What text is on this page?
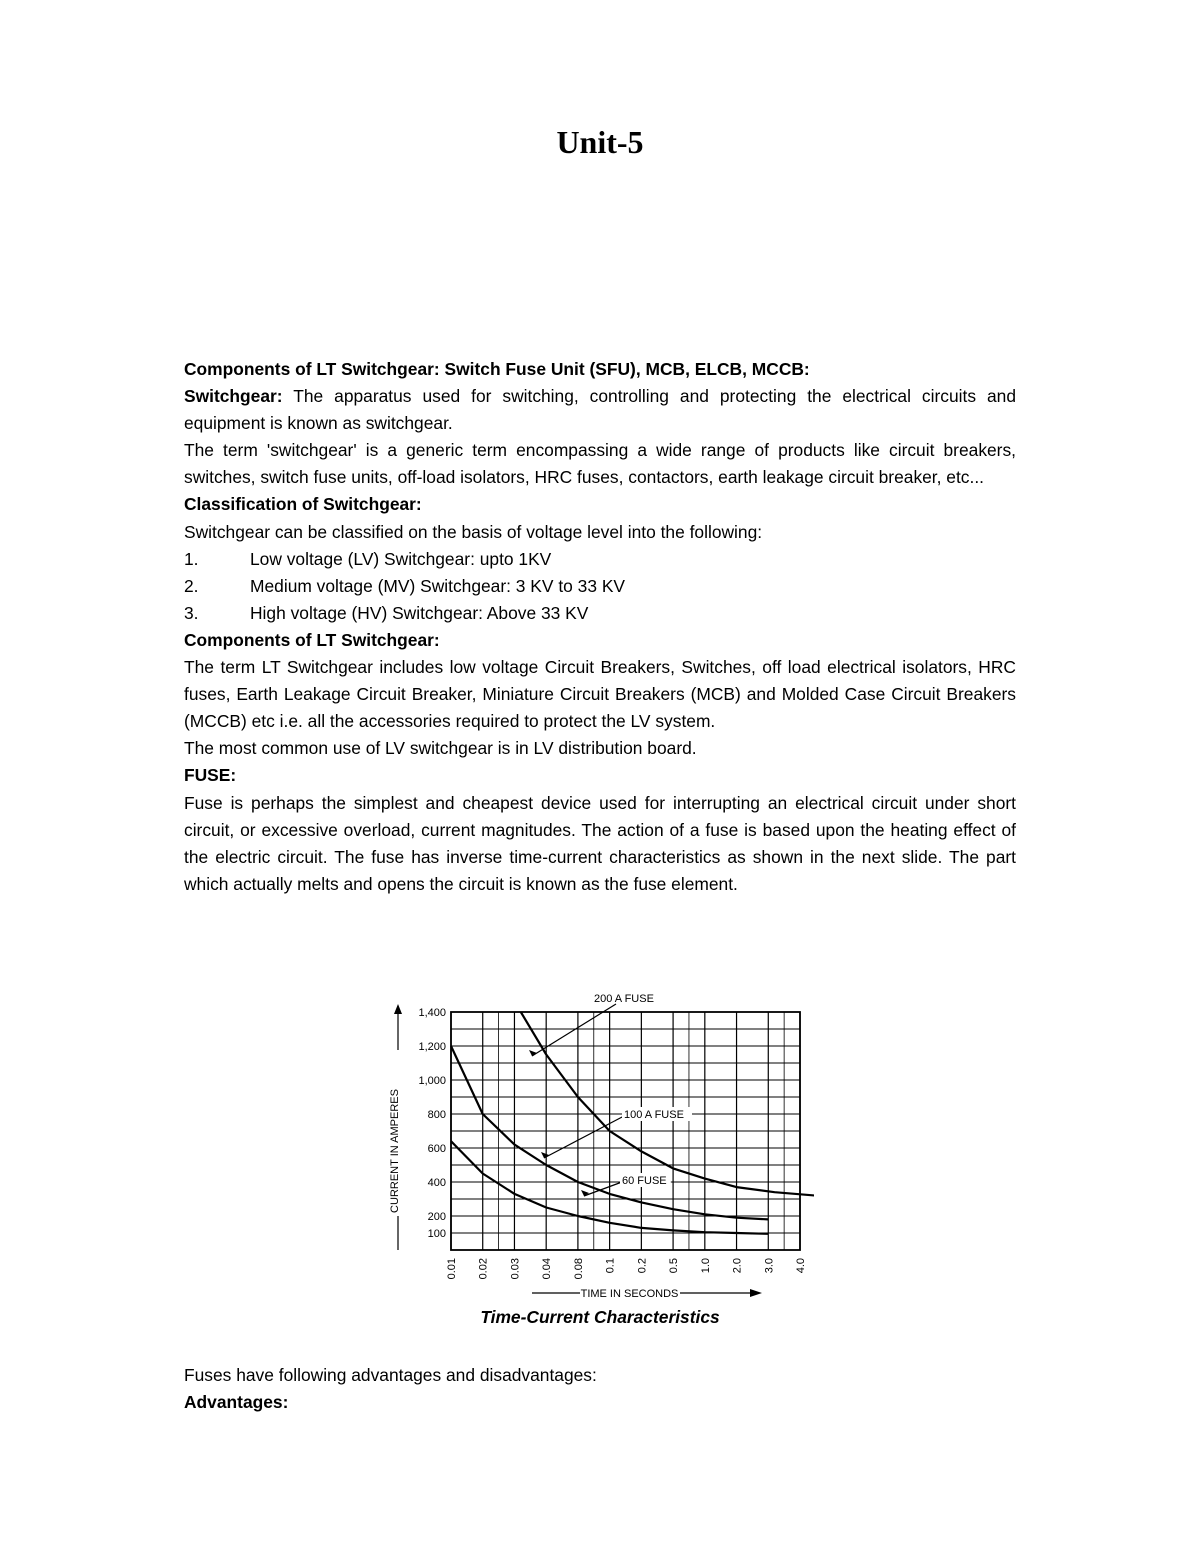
Unit-5

Components of LT Switchgear: Switch Fuse Unit (SFU), MCB, ELCB, MCCB:

Switchgear: The apparatus used for switching, controlling and protecting the electrical circuits and equipment is known as switchgear.

The term 'switchgear' is a generic term encompassing a wide range of products like circuit breakers, switches, switch fuse units, off-load isolators, HRC fuses, contactors, earth leakage circuit breaker, etc...

Classification of Switchgear:

Switchgear can be classified on the basis of voltage level into the following:

1.	Low voltage (LV) Switchgear: upto 1KV
2.	Medium voltage (MV) Switchgear: 3 KV to 33 KV
3.	High voltage (HV) Switchgear: Above 33 KV

Components of LT Switchgear:

The term LT Switchgear includes low voltage Circuit Breakers, Switches, off load electrical isolators, HRC fuses, Earth Leakage Circuit Breaker, Miniature Circuit Breakers (MCB) and Molded Case Circuit Breakers (MCCB) etc i.e. all the accessories required to protect the LV system.

The most common use of LV switchgear is in LV distribution board.

FUSE:

Fuse is perhaps the simplest and cheapest device used for interrupting an electrical circuit under short circuit, or excessive overload, current magnitudes. The action of a fuse is based upon the heating effect of the electric circuit. The fuse has inverse time-current characteristics as shown in the next slide. The part which actually melts and opens the circuit is known as the fuse element.

100
200
400
600
800
1,000
1,200
1,400
0.01 0.02 0.03 0.04 0.08 0.1 0.2 0.5 1.0 2.0 3.0 4.0
CURRENT IN AMPERES
TIME IN SECONDS
200 A FUSE
100 A FUSE
60 FUSE

Time-Current Characteristics

Fuses have following advantages and disadvantages:

Advantages:
